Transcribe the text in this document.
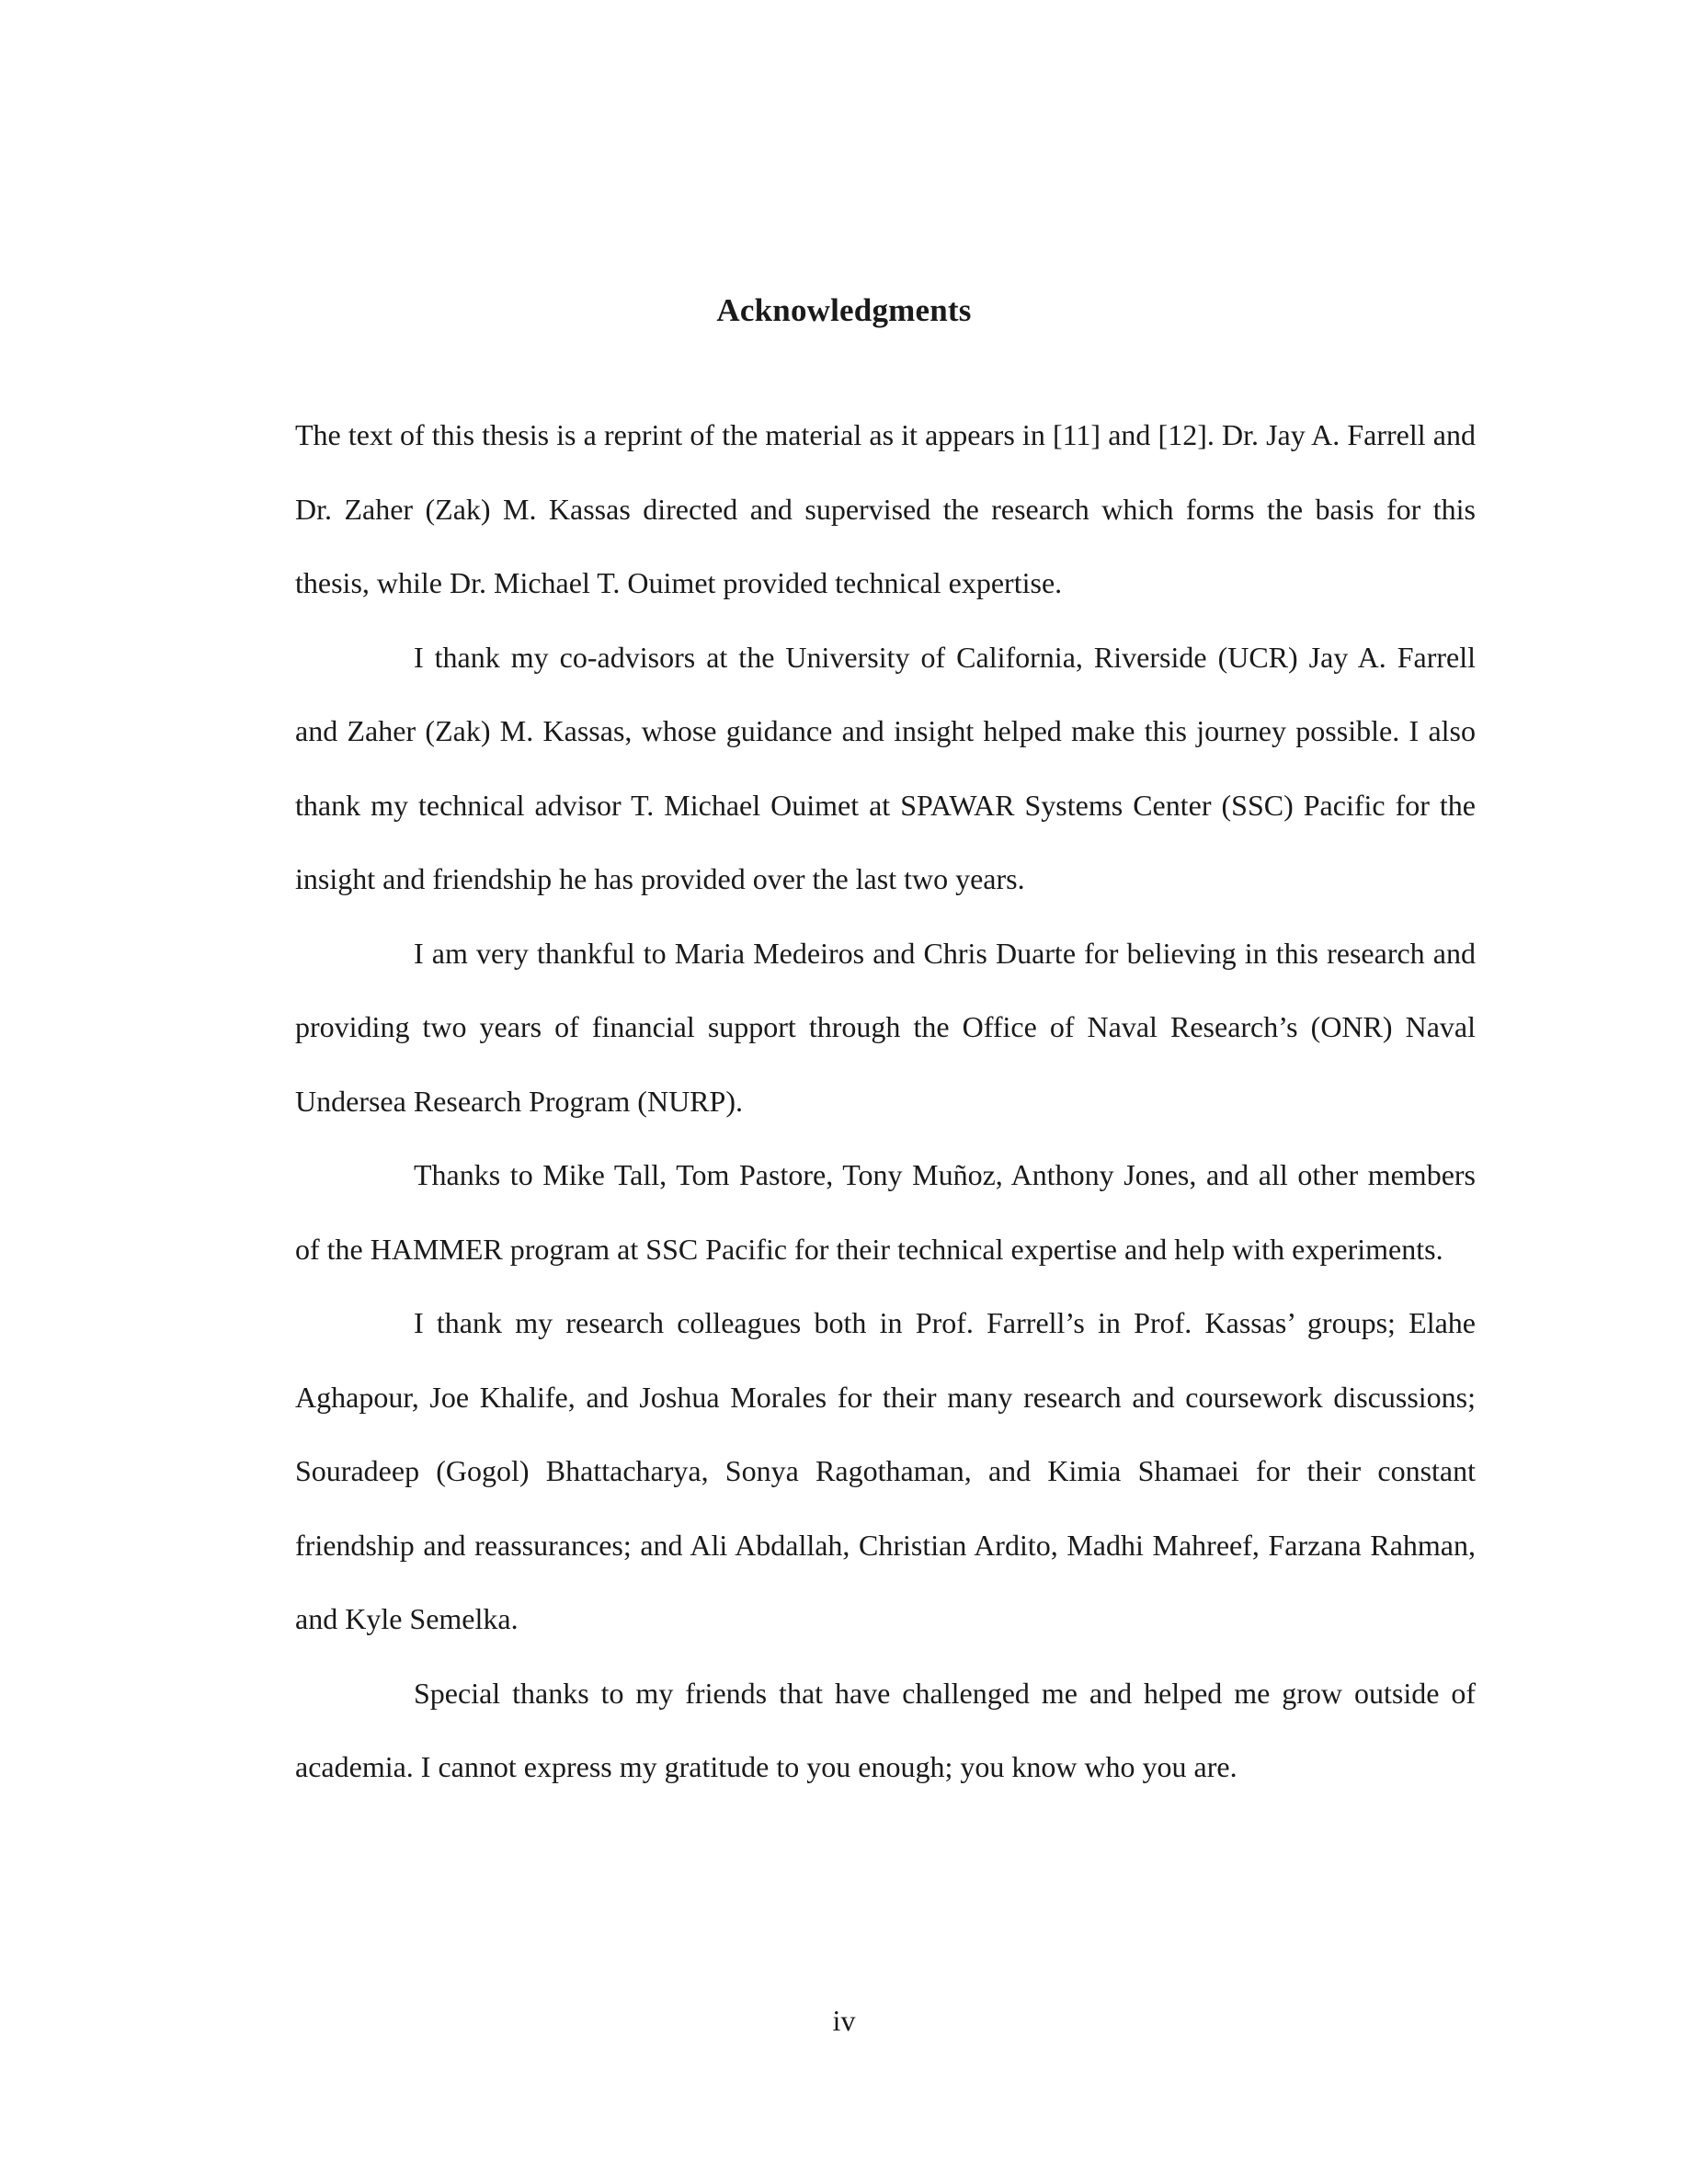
Acknowledgments

The text of this thesis is a reprint of the material as it appears in [11] and [12]. Dr. Jay A. Farrell and Dr. Zaher (Zak) M. Kassas directed and supervised the research which forms the basis for this thesis, while Dr. Michael T. Ouimet provided technical expertise.

I thank my co-advisors at the University of California, Riverside (UCR) Jay A. Farrell and Zaher (Zak) M. Kassas, whose guidance and insight helped make this journey possible. I also thank my technical advisor T. Michael Ouimet at SPAWAR Systems Center (SSC) Pacific for the insight and friendship he has provided over the last two years.

I am very thankful to Maria Medeiros and Chris Duarte for believing in this research and providing two years of financial support through the Office of Naval Research’s (ONR) Naval Undersea Research Program (NURP).

Thanks to Mike Tall, Tom Pastore, Tony Muñoz, Anthony Jones, and all other members of the HAMMER program at SSC Pacific for their technical expertise and help with experiments.

I thank my research colleagues both in Prof. Farrell’s in Prof. Kassas’ groups; Elahe Aghapour, Joe Khalife, and Joshua Morales for their many research and coursework discussions; Souradeep (Gogol) Bhattacharya, Sonya Ragothaman, and Kimia Shamaei for their constant friendship and reassurances; and Ali Abdallah, Christian Ardito, Madhi Mahreef, Farzana Rahman, and Kyle Semelka.

Special thanks to my friends that have challenged me and helped me grow outside of academia. I cannot express my gratitude to you enough; you know who you are.

iv
